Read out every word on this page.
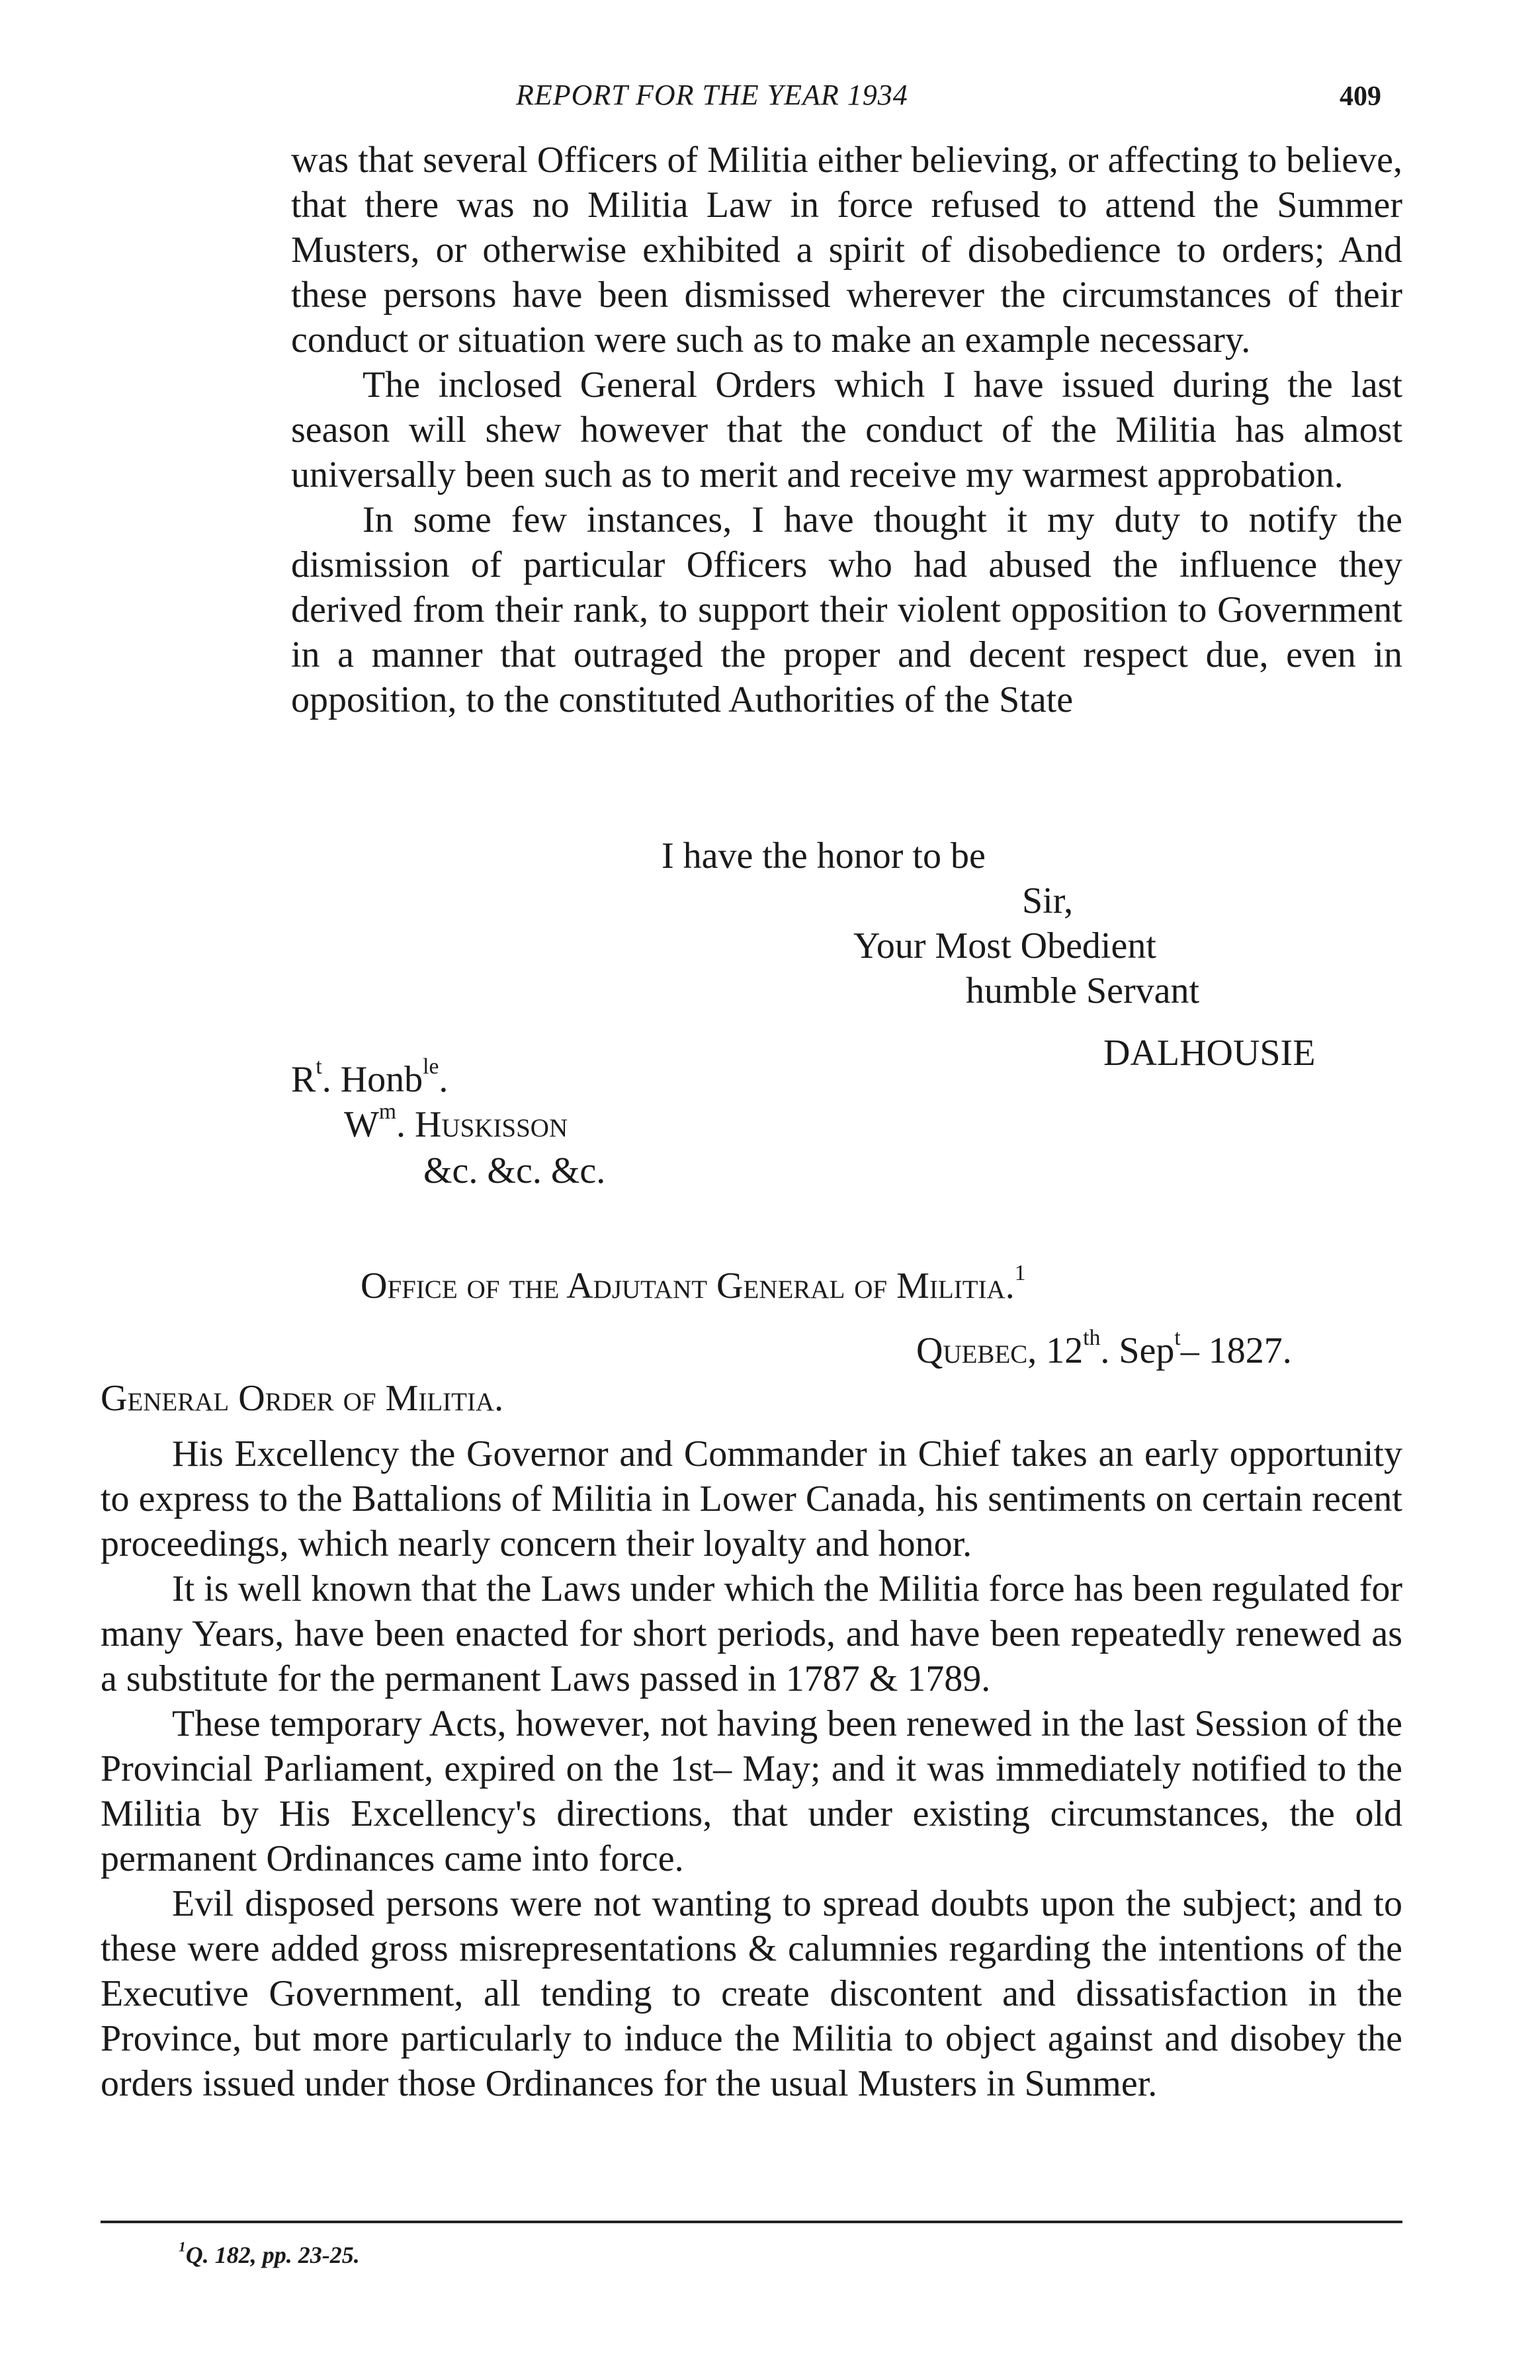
REPORT FOR THE YEAR 1934	409

was that several Officers of Militia either believing, or affecting to believe, that there was no Militia Law in force refused to attend the Summer Musters, or otherwise exhibited a spirit of disobedience to orders; And these persons have been dismissed wherever the circumstances of their conduct or situation were such as to make an example necessary.

The inclosed General Orders which I have issued during the last season will shew however that the conduct of the Militia has almost universally been such as to merit and receive my warmest approbation.

In some few instances, I have thought it my duty to notify the dismission of particular Officers who had abused the influence they derived from their rank, to support their violent opposition to Government in a manner that outraged the proper and decent respect due, even in opposition, to the constituted Authorities of the State

I have the honor to be
Sir,
Your Most Obedient
humble Servant
DALHOUSIE
$R^t$. Honb$^{le}$.
$W^m$. Huskisson
&c. &c. &c.
Office of the Adjutant General of Militia.$^1$
Quebec, 12th. Sep$^t$– 1827.
General Order of Militia.

His Excellency the Governor and Commander in Chief takes an early opportunity to express to the Battalions of Militia in Lower Canada, his sentiments on certain recent proceedings, which nearly concern their loyalty and honor.

It is well known that the Laws under which the Militia force has been regulated for many Years, have been enacted for short periods, and have been repeatedly renewed as a substitute for the permanent Laws passed in 1787 & 1789.

These temporary Acts, however, not having been renewed in the last Session of the Provincial Parliament, expired on the 1st– May; and it was immediately notified to the Militia by His Excellency's directions, that under existing circumstances, the old permanent Ordinances came into force.

Evil disposed persons were not wanting to spread doubts upon the subject; and to these were added gross misrepresentations & calumnies regarding the intentions of the Executive Government, all tending to create discontent and dissatisfaction in the Province, but more particularly to induce the Militia to object against and disobey the orders issued under those Ordinances for the usual Musters in Summer.

$^1$Q. 182, pp. 23-25.
